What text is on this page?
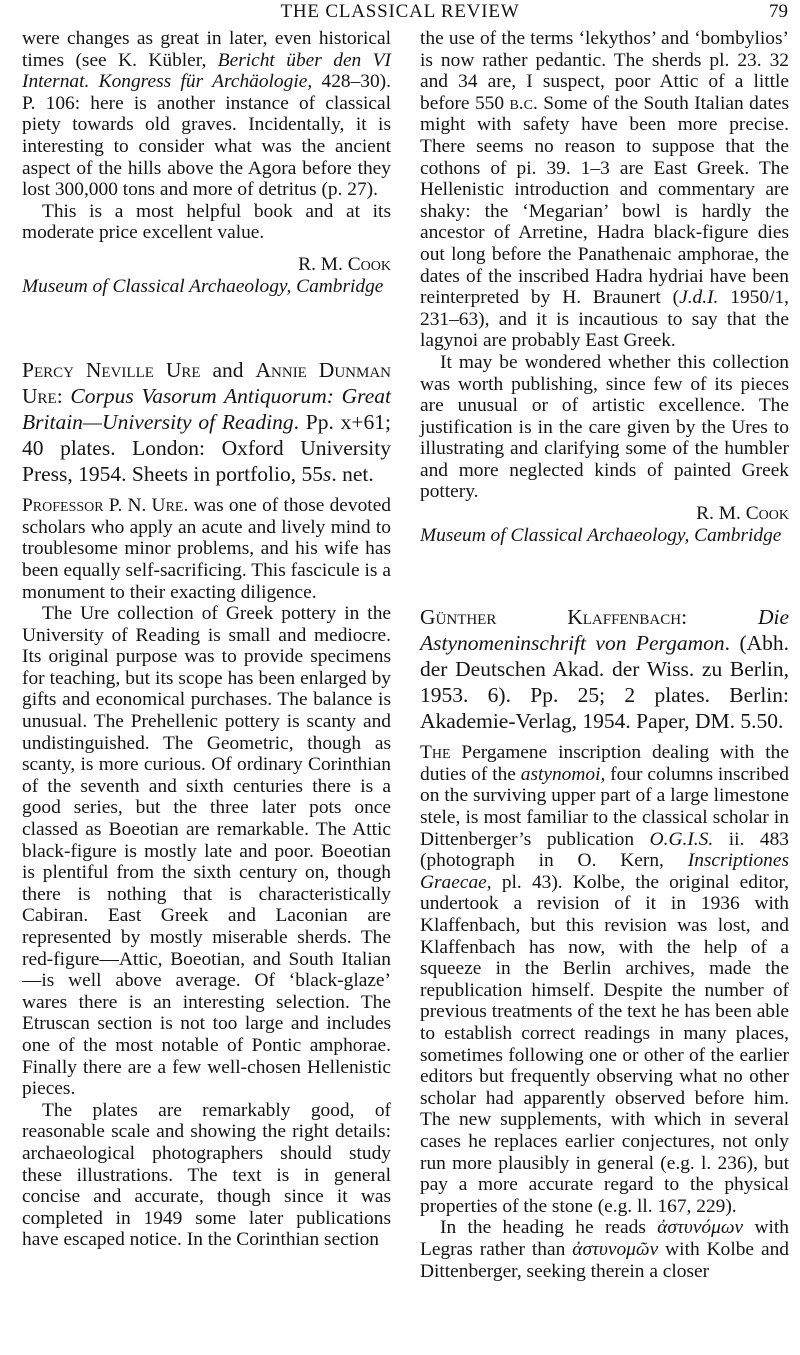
THE CLASSICAL REVIEW	79

were changes as great in later, even historical times (see K. Kübler, Bericht über den VI Internat. Kongress für Archäologie, 428–30). P. 106: here is another instance of classical piety towards old graves. Incidentally, it is interesting to consider what was the ancient aspect of the hills above the Agora before they lost 300,000 tons and more of detritus (p. 27).

This is a most helpful book and at its moderate price excellent value.

R. M. Cook

Museum of Classical Archaeology, Cambridge

Percy Neville Ure and Annie Dunman Ure: Corpus Vasorum Antiquorum: Great Britain—University of Reading. Pp. x+61; 40 plates. London: Oxford University Press, 1954. Sheets in portfolio, 55s. net.

Professor P. N. Ure. was one of those devoted scholars who apply an acute and lively mind to troublesome minor problems, and his wife has been equally self-sacrificing. This fascicule is a monument to their exacting diligence.

The Ure collection of Greek pottery in the University of Reading is small and mediocre. Its original purpose was to provide specimens for teaching, but its scope has been enlarged by gifts and economical purchases. The balance is unusual. The Prehellenic pottery is scanty and undistinguished. The Geometric, though as scanty, is more curious. Of ordinary Corinthian of the seventh and sixth centuries there is a good series, but the three later pots once classed as Boeotian are remarkable. The Attic black-figure is mostly late and poor. Boeotian is plentiful from the sixth century on, though there is nothing that is characteristically Cabiran. East Greek and Laconian are represented by mostly miserable sherds. The red-figure—Attic, Boeotian, and South Italian—is well above average. Of ‘black-glaze’ wares there is an interesting selection. The Etruscan section is not too large and includes one of the most notable of Pontic amphorae. Finally there are a few well-chosen Hellenistic pieces.

The plates are remarkably good, of reasonable scale and showing the right details: archaeological photographers should study these illustrations. The text is in general concise and accurate, though since it was completed in 1949 some later publications have escaped notice. In the Corinthian section

the use of the terms ‘lekythos’ and ‘bombylios’ is now rather pedantic. The sherds pl. 23. 32 and 34 are, I suspect, poor Attic of a little before 550 b.c. Some of the South Italian dates might with safety have been more precise. There seems no reason to suppose that the cothons of pi. 39. 1–3 are East Greek. The Hellenistic introduction and commentary are shaky: the ‘Megarian’ bowl is hardly the ancestor of Arretine, Hadra black-figure dies out long before the Panathenaic amphorae, the dates of the inscribed Hadra hydriai have been reinterpreted by H. Braunert (J.d.I. 1950/1, 231–63), and it is incautious to say that the lagynoi are probably East Greek.

It may be wondered whether this collection was worth publishing, since few of its pieces are unusual or of artistic excellence. The justification is in the care given by the Ures to illustrating and clarifying some of the humbler and more neglected kinds of painted Greek pottery.

R. M. Cook

Museum of Classical Archaeology, Cambridge

Günther Klaffenbach: Die Astynomeninschrift von Pergamon. (Abh. der Deutschen Akad. der Wiss. zu Berlin, 1953. 6). Pp. 25; 2 plates. Berlin: Akademie-Verlag, 1954. Paper, DM. 5.50.

The Pergamene inscription dealing with the duties of the astynomoi, four columns inscribed on the surviving upper part of a large limestone stele, is most familiar to the classical scholar in Dittenberger’s publication O.G.I.S. ii. 483 (photograph in O. Kern, Inscriptiones Graecae, pl. 43). Kolbe, the original editor, undertook a revision of it in 1936 with Klaffenbach, but this revision was lost, and Klaffenbach has now, with the help of a squeeze in the Berlin archives, made the republication himself. Despite the number of previous treatments of the text he has been able to establish correct readings in many places, sometimes following one or other of the earlier editors but frequently observing what no other scholar had apparently observed before him. The new supplements, with which in several cases he replaces earlier conjectures, not only run more plausibly in general (e.g. l. 236), but pay a more accurate regard to the physical properties of the stone (e.g. ll. 167, 229).

In the heading he reads ἀστυνόμων with Legras rather than ἀστυνομῶν with Kolbe and Dittenberger, seeking therein a closer
